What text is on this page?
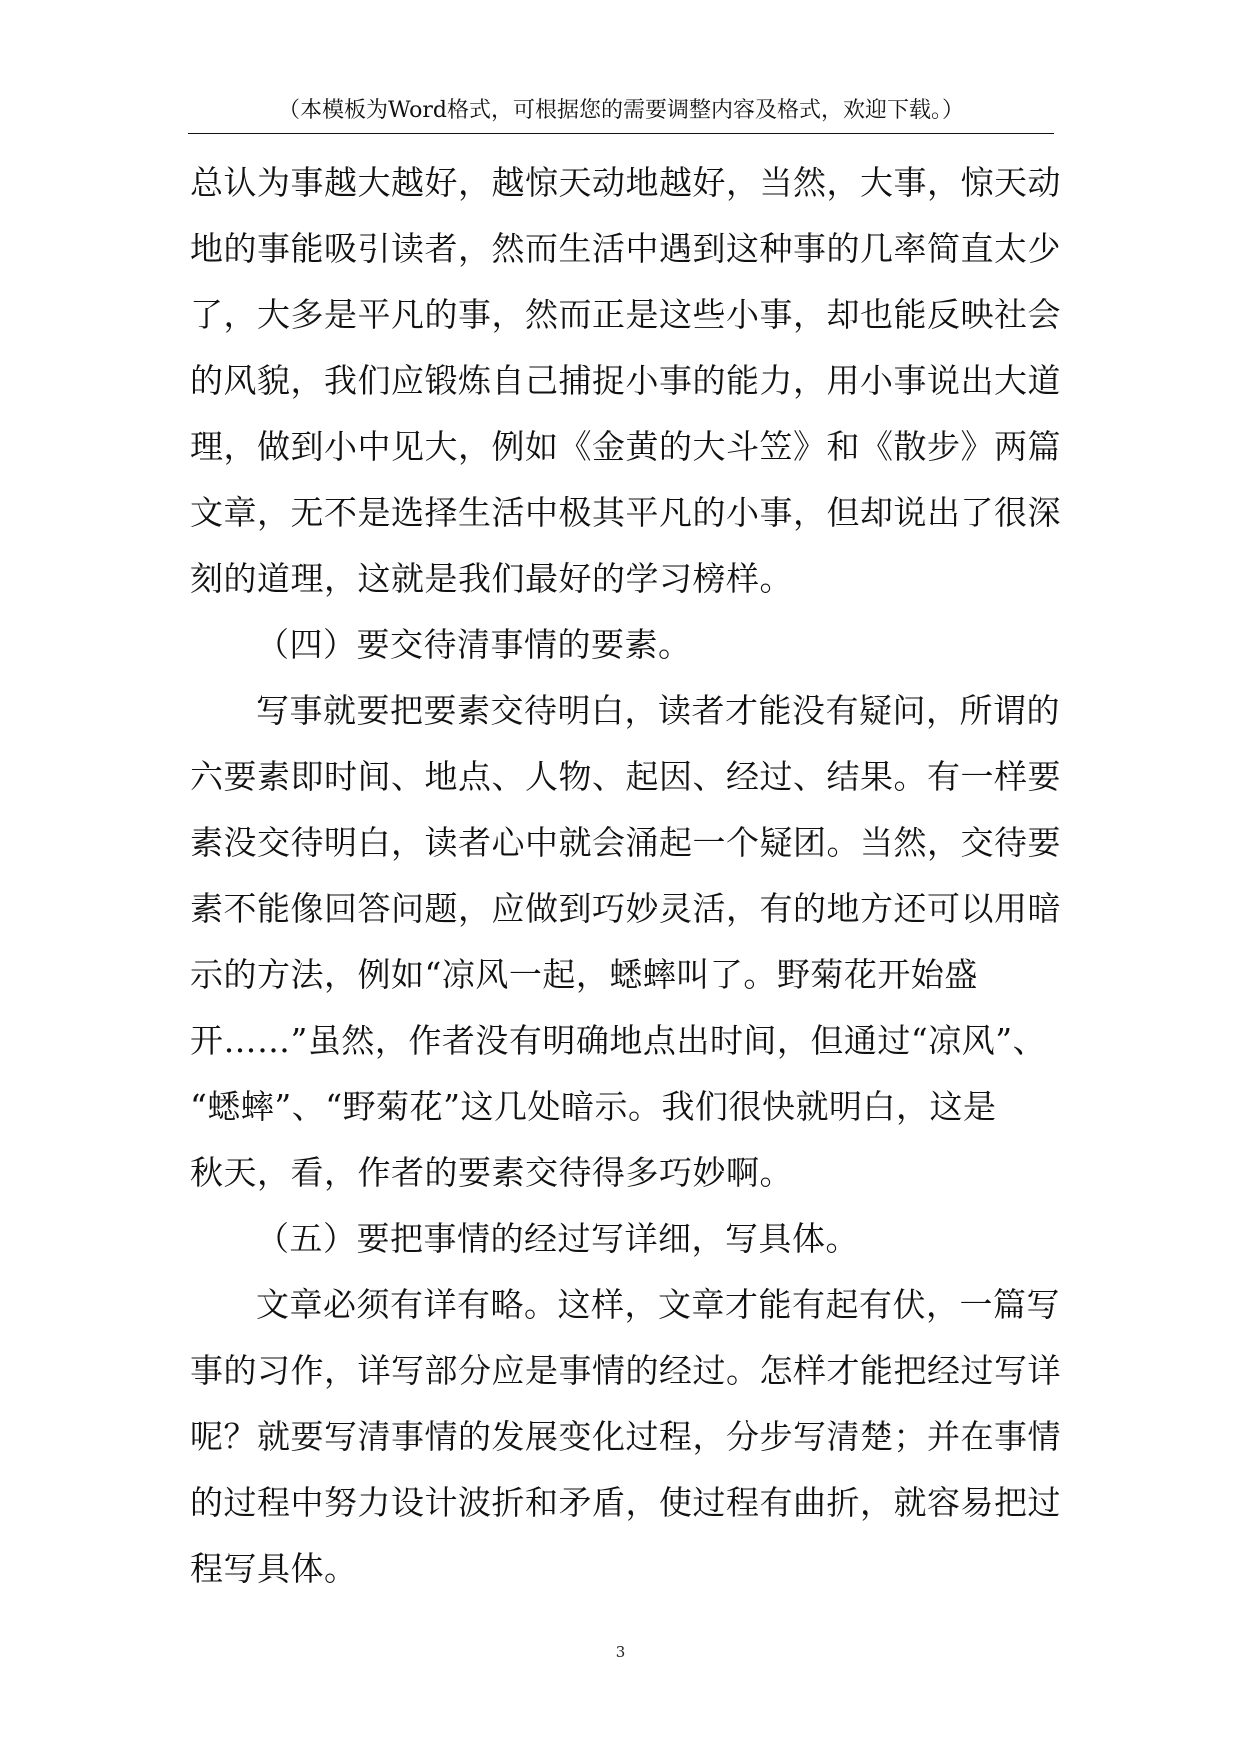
（本模板为Word格式，可根据您的需要调整内容及格式，欢迎下载。）
总认为事越大越好，越惊天动地越好，当然，大事，惊天动
地的事能吸引读者，然而生活中遇到这种事的几率简直太少
了，大多是平凡的事，然而正是这些小事，却也能反映社会
的风貌，我们应锻炼自己捕捉小事的能力，用小事说出大道
理，做到小中见大，例如《金黄的大斗笠》和《散步》两篇
文章，无不是选择生活中极其平凡的小事，但却说出了很深
刻的道理，这就是我们最好的学习榜样。
（四）要交待清事情的要素。
写事就要把要素交待明白，读者才能没有疑问，所谓的
六要素即时间、地点、人物、起因、经过、结果。有一样要
素没交待明白，读者心中就会涌起一个疑团。当然，交待要
素不能像回答问题，应做到巧妙灵活，有的地方还可以用暗
示的方法，例如“凉风一起，蟋蟀叫了。野菊花开始盛
开……”虽然，作者没有明确地点出时间，但通过“凉风”、
“蟋蟀”、“野菊花”这几处暗示。我们很快就明白，这是
秋天，看，作者的要素交待得多巧妙啊。
（五）要把事情的经过写详细，写具体。
文章必须有详有略。这样，文章才能有起有伏，一篇写
事的习作，详写部分应是事情的经过。怎样才能把经过写详
呢？就要写清事情的发展变化过程，分步写清楚；并在事情
的过程中努力设计波折和矛盾，使过程有曲折，就容易把过
程写具体。
3
